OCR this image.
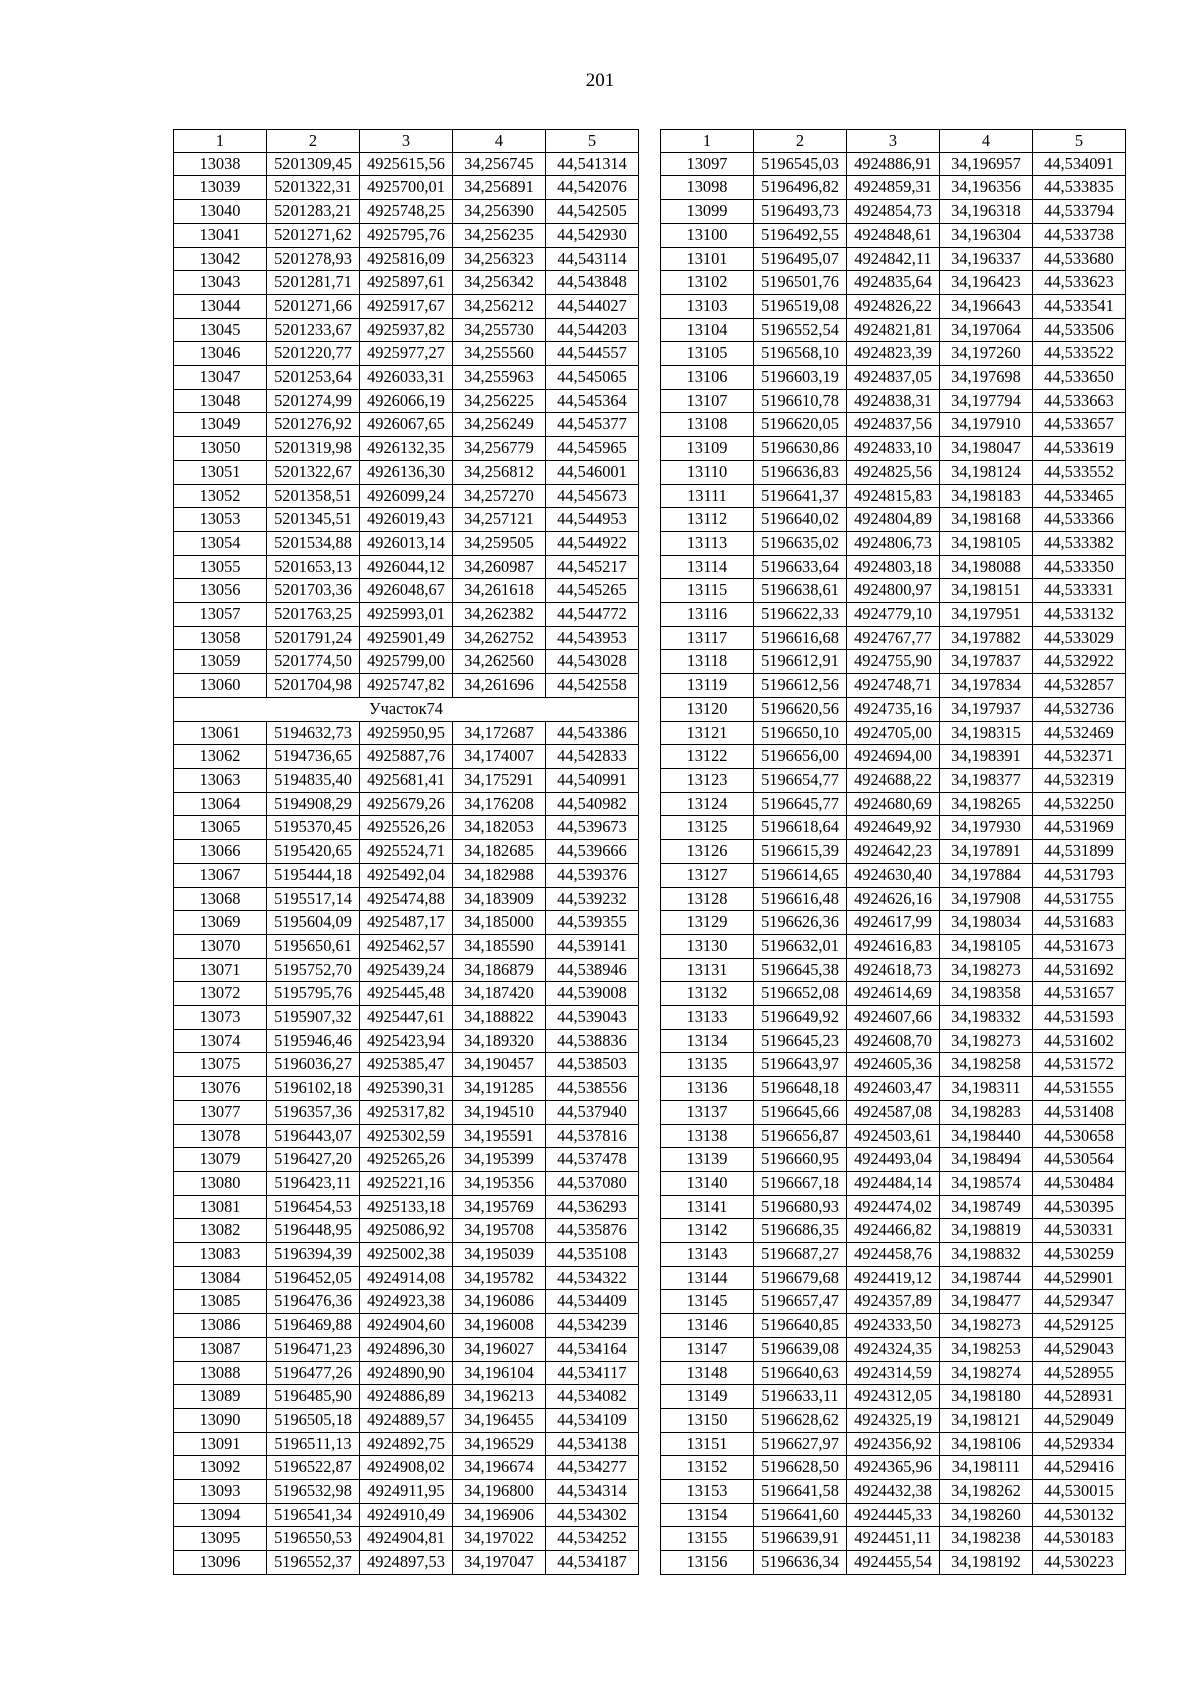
201
1	2	3	4	5
13038	5201309,45	4925615,56	34,256745	44,541314
13039	5201322,31	4925700,01	34,256891	44,542076
13040	5201283,21	4925748,25	34,256390	44,542505
13041	5201271,62	4925795,76	34,256235	44,542930
13042	5201278,93	4925816,09	34,256323	44,543114
13043	5201281,71	4925897,61	34,256342	44,543848
13044	5201271,66	4925917,67	34,256212	44,544027
13045	5201233,67	4925937,82	34,255730	44,544203
13046	5201220,77	4925977,27	34,255560	44,544557
13047	5201253,64	4926033,31	34,255963	44,545065
13048	5201274,99	4926066,19	34,256225	44,545364
13049	5201276,92	4926067,65	34,256249	44,545377
13050	5201319,98	4926132,35	34,256779	44,545965
13051	5201322,67	4926136,30	34,256812	44,546001
13052	5201358,51	4926099,24	34,257270	44,545673
13053	5201345,51	4926019,43	34,257121	44,544953
13054	5201534,88	4926013,14	34,259505	44,544922
13055	5201653,13	4926044,12	34,260987	44,545217
13056	5201703,36	4926048,67	34,261618	44,545265
13057	5201763,25	4925993,01	34,262382	44,544772
13058	5201791,24	4925901,49	34,262752	44,543953
13059	5201774,50	4925799,00	34,262560	44,543028
13060	5201704,98	4925747,82	34,261696	44,542558
Участок74				
13061	5194632,73	4925950,95	34,172687	44,543386
13062	5194736,65	4925887,76	34,174007	44,542833
13063	5194835,40	4925681,41	34,175291	44,540991
13064	5194908,29	4925679,26	34,176208	44,540982
13065	5195370,45	4925526,26	34,182053	44,539673
13066	5195420,65	4925524,71	34,182685	44,539666
13067	5195444,18	4925492,04	34,182988	44,539376
13068	5195517,14	4925474,88	34,183909	44,539232
13069	5195604,09	4925487,17	34,185000	44,539355
13070	5195650,61	4925462,57	34,185590	44,539141
13071	5195752,70	4925439,24	34,186879	44,538946
13072	5195795,76	4925445,48	34,187420	44,539008
13073	5195907,32	4925447,61	34,188822	44,539043
13074	5195946,46	4925423,94	34,189320	44,538836
13075	5196036,27	4925385,47	34,190457	44,538503
13076	5196102,18	4925390,31	34,191285	44,538556
13077	5196357,36	4925317,82	34,194510	44,537940
13078	5196443,07	4925302,59	34,195591	44,537816
13079	5196427,20	4925265,26	34,195399	44,537478
13080	5196423,11	4925221,16	34,195356	44,537080
13081	5196454,53	4925133,18	34,195769	44,536293
13082	5196448,95	4925086,92	34,195708	44,535876
13083	5196394,39	4925002,38	34,195039	44,535108
13084	5196452,05	4924914,08	34,195782	44,534322
13085	5196476,36	4924923,38	34,196086	44,534409
13086	5196469,88	4924904,60	34,196008	44,534239
13087	5196471,23	4924896,30	34,196027	44,534164
13088	5196477,26	4924890,90	34,196104	44,534117
13089	5196485,90	4924886,89	34,196213	44,534082
13090	5196505,18	4924889,57	34,196455	44,534109
13091	5196511,13	4924892,75	34,196529	44,534138
13092	5196522,87	4924908,02	34,196674	44,534277
13093	5196532,98	4924911,95	34,196800	44,534314
13094	5196541,34	4924910,49	34,196906	44,534302
13095	5196550,53	4924904,81	34,197022	44,534252
13096	5196552,37	4924897,53	34,197047	44,534187
1	2	3	4	5
13097	5196545,03	4924886,91	34,196957	44,534091
13098	5196496,82	4924859,31	34,196356	44,533835
13099	5196493,73	4924854,73	34,196318	44,533794
13100	5196492,55	4924848,61	34,196304	44,533738
13101	5196495,07	4924842,11	34,196337	44,533680
13102	5196501,76	4924835,64	34,196423	44,533623
13103	5196519,08	4924826,22	34,196643	44,533541
13104	5196552,54	4924821,81	34,197064	44,533506
13105	5196568,10	4924823,39	34,197260	44,533522
13106	5196603,19	4924837,05	34,197698	44,533650
13107	5196610,78	4924838,31	34,197794	44,533663
13108	5196620,05	4924837,56	34,197910	44,533657
13109	5196630,86	4924833,10	34,198047	44,533619
13110	5196636,83	4924825,56	34,198124	44,533552
13111	5196641,37	4924815,83	34,198183	44,533465
13112	5196640,02	4924804,89	34,198168	44,533366
13113	5196635,02	4924806,73	34,198105	44,533382
13114	5196633,64	4924803,18	34,198088	44,533350
13115	5196638,61	4924800,97	34,198151	44,533331
13116	5196622,33	4924779,10	34,197951	44,533132
13117	5196616,68	4924767,77	34,197882	44,533029
13118	5196612,91	4924755,90	34,197837	44,532922
13119	5196612,56	4924748,71	34,197834	44,532857
13120	5196620,56	4924735,16	34,197937	44,532736
13121	5196650,10	4924705,00	34,198315	44,532469
13122	5196656,00	4924694,00	34,198391	44,532371
13123	5196654,77	4924688,22	34,198377	44,532319
13124	5196645,77	4924680,69	34,198265	44,532250
13125	5196618,64	4924649,92	34,197930	44,531969
13126	5196615,39	4924642,23	34,197891	44,531899
13127	5196614,65	4924630,40	34,197884	44,531793
13128	5196616,48	4924626,16	34,197908	44,531755
13129	5196626,36	4924617,99	34,198034	44,531683
13130	5196632,01	4924616,83	34,198105	44,531673
13131	5196645,38	4924618,73	34,198273	44,531692
13132	5196652,08	4924614,69	34,198358	44,531657
13133	5196649,92	4924607,66	34,198332	44,531593
13134	5196645,23	4924608,70	34,198273	44,531602
13135	5196643,97	4924605,36	34,198258	44,531572
13136	5196648,18	4924603,47	34,198311	44,531555
13137	5196645,66	4924587,08	34,198283	44,531408
13138	5196656,87	4924503,61	34,198440	44,530658
13139	5196660,95	4924493,04	34,198494	44,530564
13140	5196667,18	4924484,14	34,198574	44,530484
13141	5196680,93	4924474,02	34,198749	44,530395
13142	5196686,35	4924466,82	34,198819	44,530331
13143	5196687,27	4924458,76	34,198832	44,530259
13144	5196679,68	4924419,12	34,198744	44,529901
13145	5196657,47	4924357,89	34,198477	44,529347
13146	5196640,85	4924333,50	34,198273	44,529125
13147	5196639,08	4924324,35	34,198253	44,529043
13148	5196640,63	4924314,59	34,198274	44,528955
13149	5196633,11	4924312,05	34,198180	44,528931
13150	5196628,62	4924325,19	34,198121	44,529049
13151	5196627,97	4924356,92	34,198106	44,529334
13152	5196628,50	4924365,96	34,198111	44,529416
13153	5196641,58	4924432,38	34,198262	44,530015
13154	5196641,60	4924445,33	34,198260	44,530132
13155	5196639,91	4924451,11	34,198238	44,530183
13156	5196636,34	4924455,54	34,198192	44,530223
